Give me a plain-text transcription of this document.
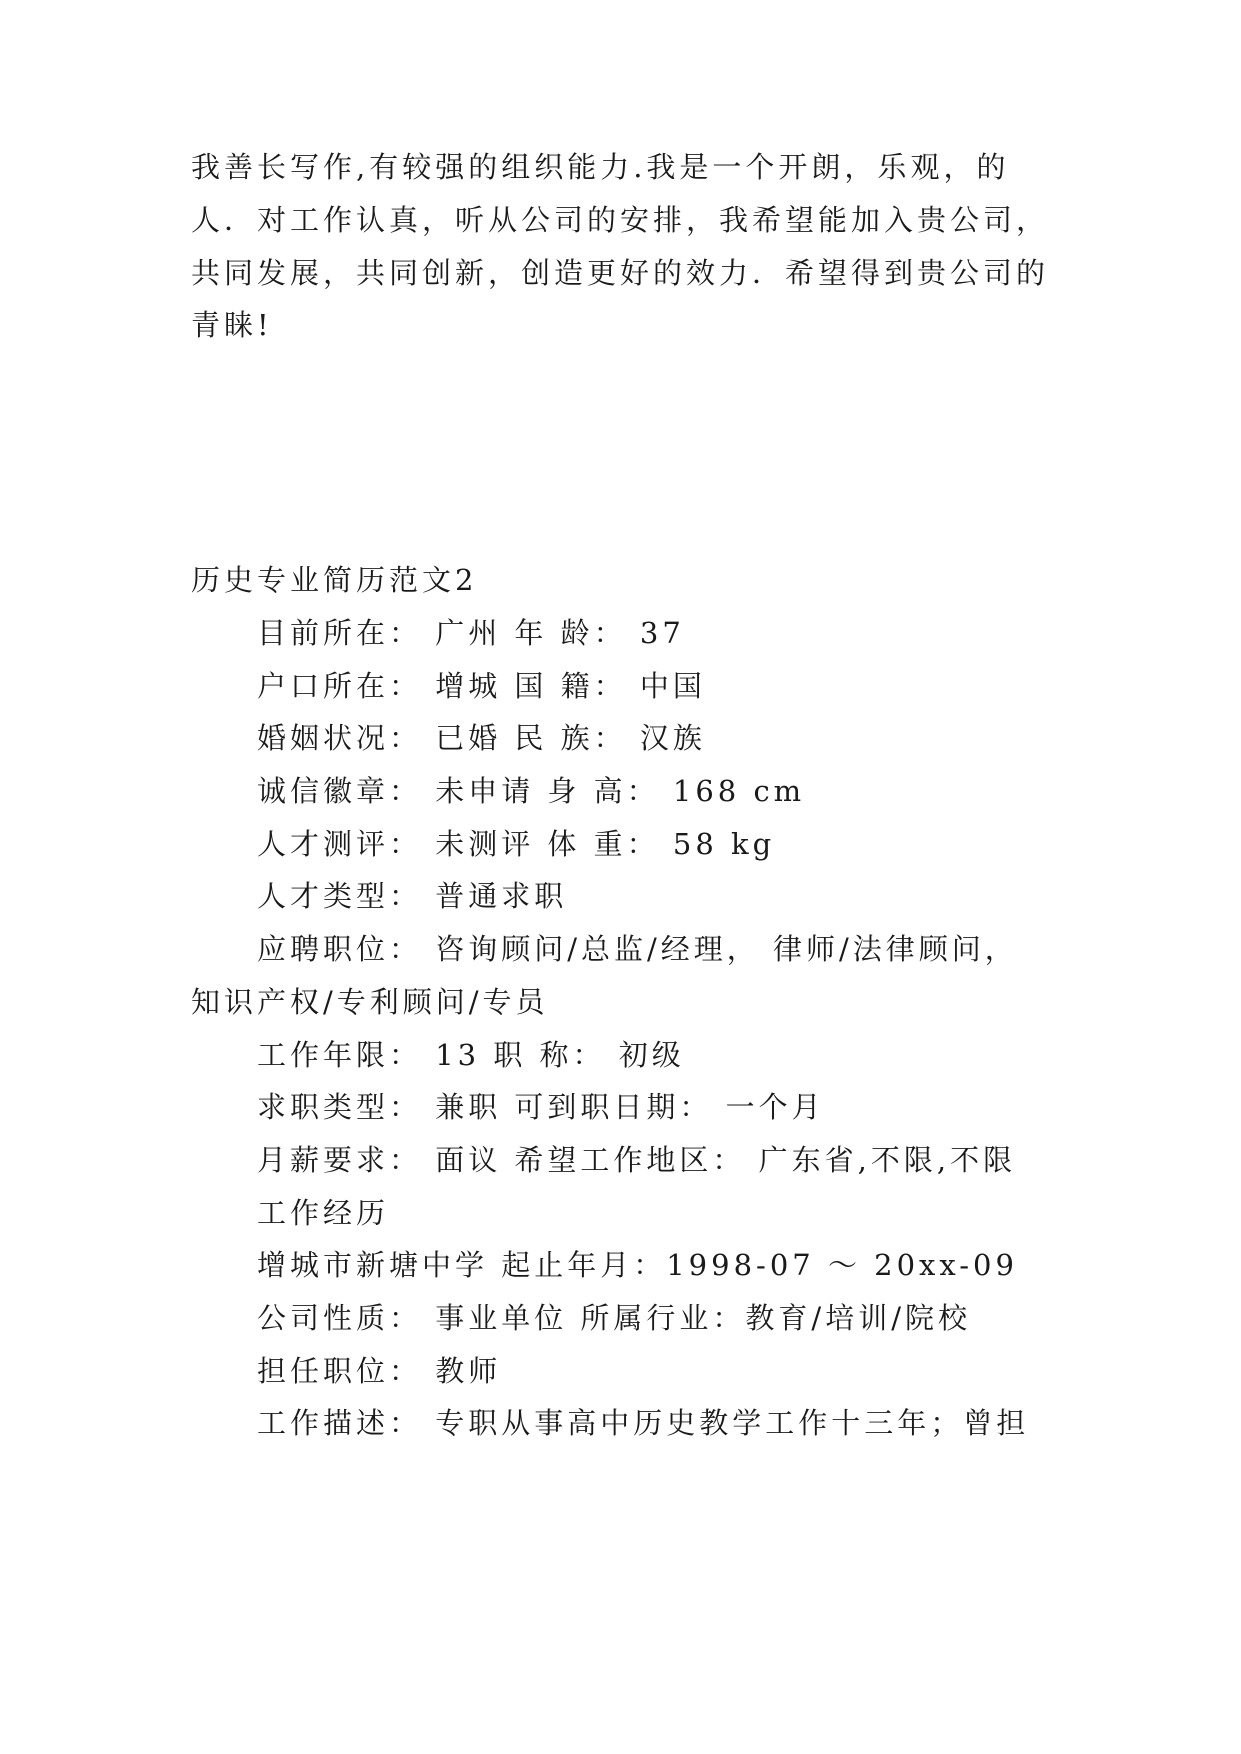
我善长写作,有较强的组织能力.我是一个开朗，乐观，的
人．对工作认真，听从公司的安排，我希望能加入贵公司，
共同发展，共同创新，创造更好的效力．希望得到贵公司的
青睐!
历史专业简历范文2
目前所在： 广州 年 龄： 37
户口所在： 增城 国 籍： 中国
婚姻状况： 已婚 民 族： 汉族
诚信徽章： 未申请 身 高： 168 cm
人才测评： 未测评 体 重： 58 kg
人才类型： 普通求职
应聘职位： 咨询顾问/总监/经理， 律师/法律顾问，
知识产权/专利顾问/专员
工作年限： 13 职 称： 初级
求职类型： 兼职 可到职日期： 一个月
月薪要求： 面议 希望工作地区： 广东省,不限,不限
工作经历
增城市新塘中学 起止年月：1998-07 ～ 20xx-09
公司性质： 事业单位 所属行业：教育/培训/院校
担任职位： 教师
工作描述： 专职从事高中历史教学工作十三年；曾担
